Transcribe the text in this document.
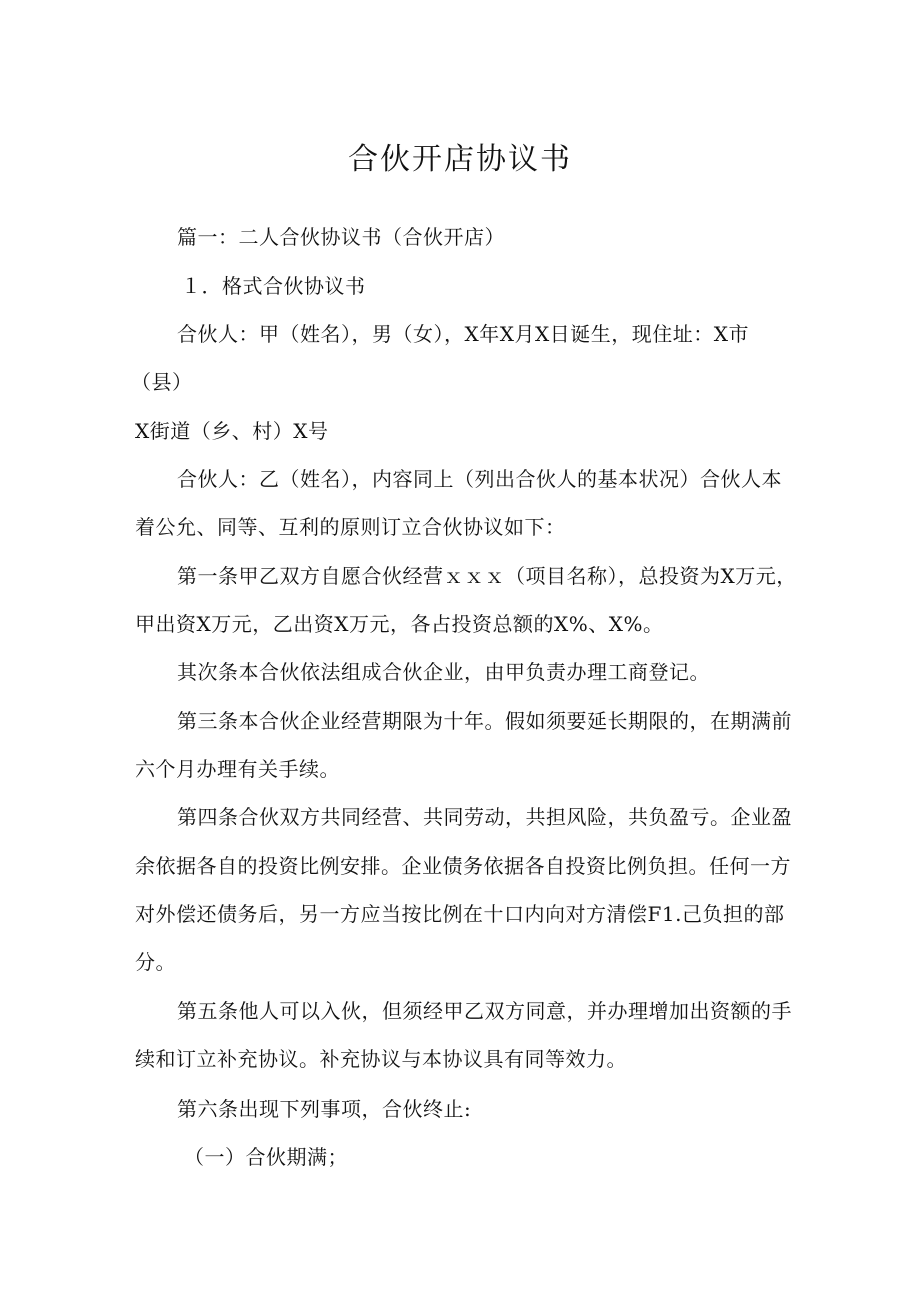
合伙开店协议书
篇一：二人合伙协议书（合伙开店）
１．格式合伙协议书
合伙人：甲（姓名），男（女），X年X月X日诞生，现住址：X市
（县）
X街道（乡、村）X号
合伙人：乙（姓名），内容同上（列出合伙人的基本状况）合伙人本
着公允、同等、互利的原则订立合伙协议如下：
第一条甲乙双方自愿合伙经营ｘｘｘ（项目名称），总投资为X万元，
甲出资X万元，乙出资X万元，各占投资总额的X%、X%。
其次条本合伙依法组成合伙企业，由甲负责办理工商登记。
第三条本合伙企业经营期限为十年。假如须要延长期限的，在期满前
六个月办理有关手续。
第四条合伙双方共同经营、共同劳动，共担风险，共负盈亏。企业盈
余依据各自的投资比例安排。企业债务依据各自投资比例负担。任何一方
对外偿还债务后，另一方应当按比例在十口内向对方清偿F1.己负担的部
分。
第五条他人可以入伙，但须经甲乙双方同意，并办理增加出资额的手
续和订立补充协议。补充协议与本协议具有同等效力。
第六条出现下列事项，合伙终止:
（一）合伙期满；
